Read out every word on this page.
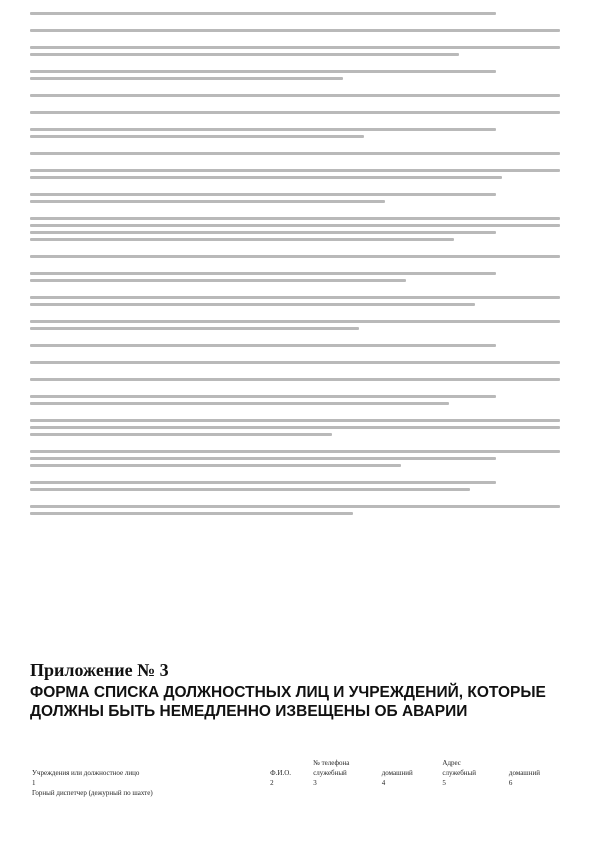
Приложение № 3

ФОРМА СПИСКА ДОЛЖНОСТНЫХ ЛИЦ И УЧРЕЖДЕНИЙ, КОТОРЫЕ ДОЛЖНЫ БЫТЬ НЕМЕДЛЕННО ИЗВЕЩЕНЫ ОБ АВАРИИ

		№ телефона		Адрес	
Учреждения или должностное лицо	Ф.И.О.	служебный	домашний	служебный	домашний
1	2	3	4	5	6
Горный диспетчер (дежурный по шахте)					
